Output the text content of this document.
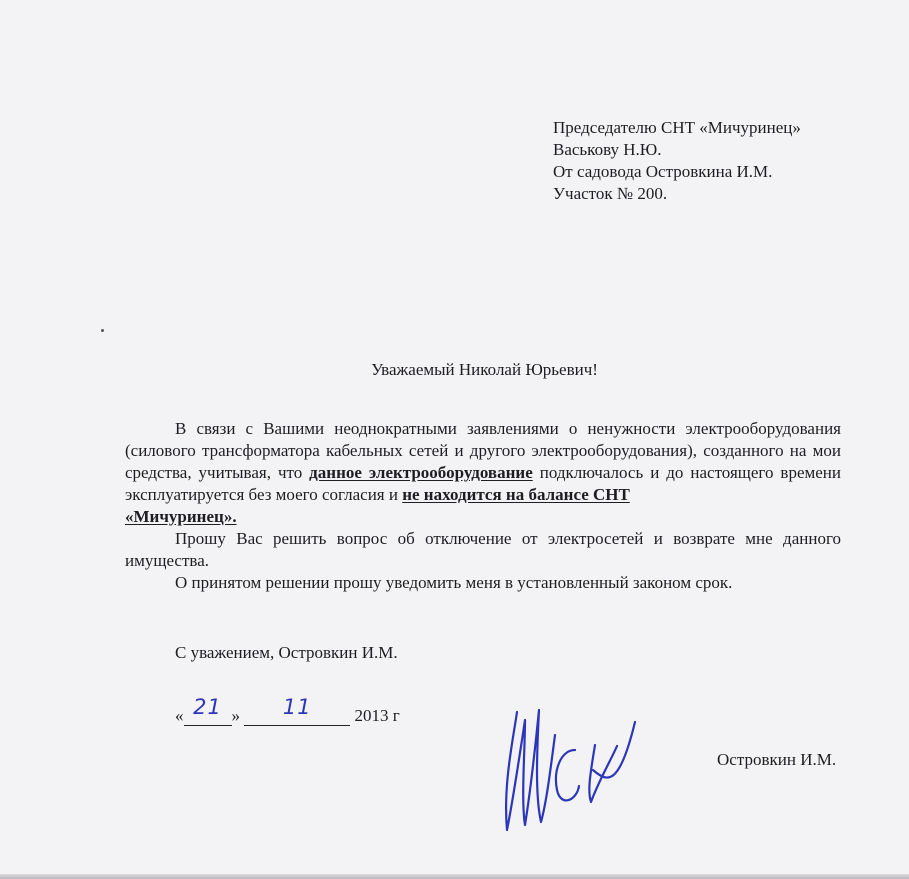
Председателю СНТ «Мичуринец»
Васькову Н.Ю.
От садовода Островкина И.М.
Участок № 200.
Уважаемый Николай Юрьевич!

В связи с Вашими неоднократными заявлениями о ненужности электрооборудования (силового трансформатора кабельных сетей и другого электрооборудования), созданного на мои средства, учитывая, что данное электрооборудование подключалось и до настоящего времени эксплуатируется без моего согласия и не находится на балансе СНТ
«Мичуринец».

Прошу Вас решить вопрос об отключение от электросетей и возврате мне данного имущества.

О принятом решении прошу уведомить меня в установленный законом срок.

С уважением, Островкин И.М.
« 21 »	11	2013 г
Островкин И.М.
